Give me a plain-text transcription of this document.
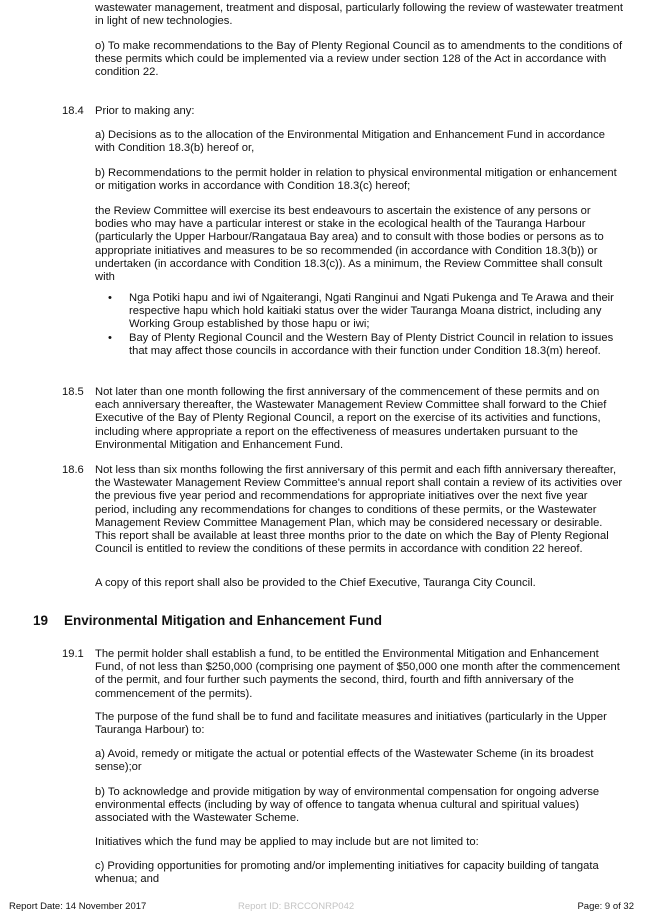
wastewater management, treatment and disposal, particularly following the review of wastewater treatment in light of new technologies.

o) To make recommendations to the Bay of Plenty Regional Council as to amendments to the conditions of these permits which could be implemented via a review under section 128 of the Act in accordance with condition 22.

18.4 Prior to making any:

a) Decisions as to the allocation of the Environmental Mitigation and Enhancement Fund in accordance with Condition 18.3(b) hereof or,

b) Recommendations to the permit holder in relation to physical environmental mitigation or enhancement or mitigation works in accordance with Condition 18.3(c) hereof;

the Review Committee will exercise its best endeavours to ascertain the existence of any persons or bodies who may have a particular interest or stake in the ecological health of the Tauranga Harbour (particularly the Upper Harbour/Rangataua Bay area) and to consult with those bodies or persons as to appropriate initiatives and measures to be so recommended (in accordance with Condition 18.3(b)) or undertaken (in accordance with Condition 18.3(c)). As a minimum, the Review Committee shall consult with

• Nga Potiki hapu and iwi of Ngaiterangi, Ngati Ranginui and Ngati Pukenga and Te Arawa and their respective hapu which hold kaitiaki status over the wider Tauranga Moana district, including any Working Group established by those hapu or iwi;
• Bay of Plenty Regional Council and the Western Bay of Plenty District Council in relation to issues that may affect those councils in accordance with their function under Condition 18.3(m) hereof.
18.5 Not later than one month following the first anniversary of the commencement of these permits and on each anniversary thereafter, the Wastewater Management Review Committee shall forward to the Chief Executive of the Bay of Plenty Regional Council, a report on the exercise of its activities and functions, including where appropriate a report on the effectiveness of measures undertaken pursuant to the Environmental Mitigation and Enhancement Fund.

18.6 Not less than six months following the first anniversary of this permit and each fifth anniversary thereafter, the Wastewater Management Review Committee's annual report shall contain a review of its activities over the previous five year period and recommendations for appropriate initiatives over the next five year period, including any recommendations for changes to conditions of these permits, or the Wastewater Management Review Committee Management Plan, which may be considered necessary or desirable. This report shall be available at least three months prior to the date on which the Bay of Plenty Regional Council is entitled to review the conditions of these permits in accordance with condition 22 hereof.

A copy of this report shall also be provided to the Chief Executive, Tauranga City Council.

19 Environmental Mitigation and Enhancement Fund
19.1 The permit holder shall establish a fund, to be entitled the Environmental Mitigation and Enhancement Fund, of not less than $250,000 (comprising one payment of $50,000 one month after the commencement of the permit, and four further such payments the second, third, fourth and fifth anniversary of the commencement of the permits).

The purpose of the fund shall be to fund and facilitate measures and initiatives (particularly in the Upper Tauranga Harbour) to:

a) Avoid, remedy or mitigate the actual or potential effects of the Wastewater Scheme (in its broadest sense);or

b) To acknowledge and provide mitigation by way of environmental compensation for ongoing adverse environmental effects (including by way of offence to tangata whenua cultural and spiritual values) associated with the Wastewater Scheme.

Initiatives which the fund may be applied to may include but are not limited to:

c) Providing opportunities for promoting and/or implementing initiatives for capacity building of tangata whenua; and

Report Date: 14 November 2017	Report ID: BRCCONRP042	Page: 9 of 32
